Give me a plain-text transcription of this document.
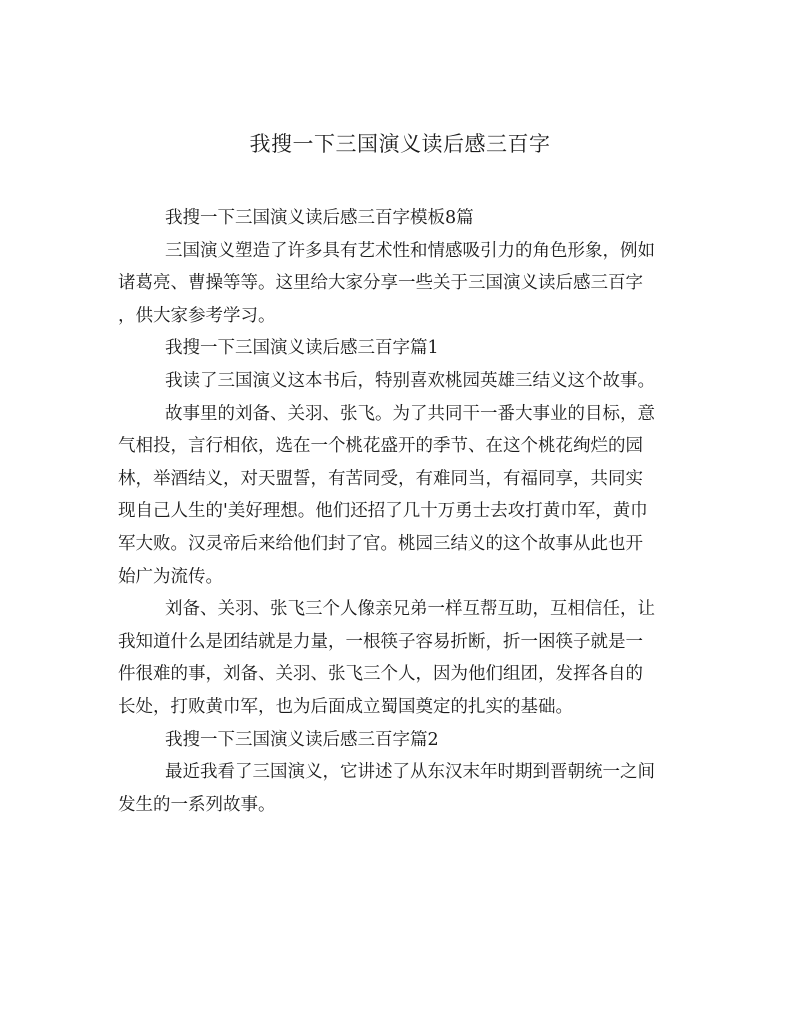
我搜一下三国演义读后感三百字

我搜一下三国演义读后感三百字模板8篇

三国演义塑造了许多具有艺术性和情感吸引力的角色形象，例如
诸葛亮、曹操等等。这里给大家分享一些关于三国演义读后感三百字
，供大家参考学习。

我搜一下三国演义读后感三百字篇1

我读了三国演义这本书后，特别喜欢桃园英雄三结义这个故事。

故事里的刘备、关羽、张飞。为了共同干一番大事业的目标，意
气相投，言行相依，选在一个桃花盛开的季节、在这个桃花绚烂的园
林，举酒结义，对天盟誓，有苦同受，有难同当，有福同享，共同实
现自己人生的'美好理想。他们还招了几十万勇士去攻打黄巾军，黄巾
军大败。汉灵帝后来给他们封了官。桃园三结义的这个故事从此也开
始广为流传。

刘备、关羽、张飞三个人像亲兄弟一样互帮互助，互相信任，让
我知道什么是团结就是力量，一根筷子容易折断，折一困筷子就是一
件很难的事，刘备、关羽、张飞三个人，因为他们组团，发挥各自的
长处，打败黄巾军，也为后面成立蜀国奠定的扎实的基础。

我搜一下三国演义读后感三百字篇2

最近我看了三国演义，它讲述了从东汉末年时期到晋朝统一之间
发生的一系列故事。
